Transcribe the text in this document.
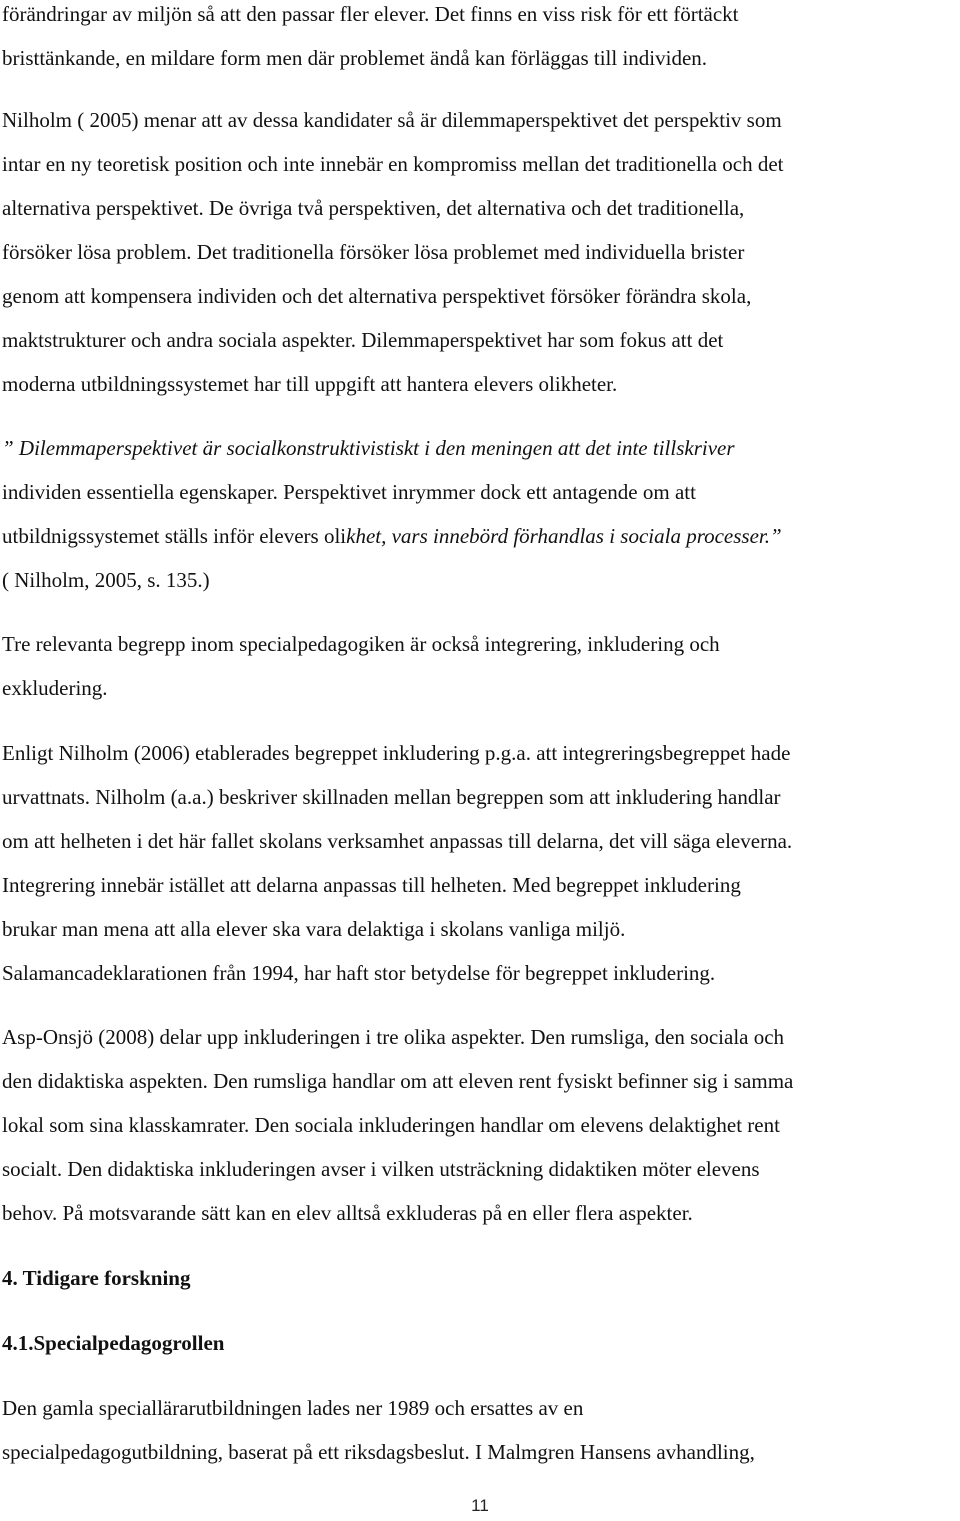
förändringar av miljön så att den passar fler elever. Det finns en viss risk för ett förtäckt
bristtänkande, en mildare form men där problemet ändå kan förläggas till individen.

Nilholm ( 2005) menar att av dessa kandidater så är dilemmaperspektivet det perspektiv som
intar en ny teoretisk position och inte innebär en kompromiss mellan det traditionella och det
alternativa perspektivet. De övriga två perspektiven, det alternativa och det traditionella,
försöker lösa problem. Det traditionella försöker lösa problemet med individuella brister
genom att kompensera individen och det alternativa perspektivet försöker förändra skola,
maktstrukturer och andra sociala aspekter. Dilemmaperspektivet har som fokus att det
moderna utbildningssystemet har till uppgift att hantera elevers olikheter.

” Dilemmaperspektivet är socialkonstruktivistiskt i den meningen att det inte tillskriver
individen essentiella egenskaper. Perspektivet inrymmer dock ett antagende om att
utbildnigssystemet ställs inför elevers olikhet, vars innebörd förhandlas i sociala processer.”
( Nilholm, 2005, s. 135.)

Tre relevanta begrepp inom specialpedagogiken är också integrering, inkludering och
exkludering.

Enligt Nilholm (2006) etablerades begreppet inkludering p.g.a. att integreringsbegreppet hade
urvattnats. Nilholm (a.a.) beskriver skillnaden mellan begreppen som att inkludering handlar
om att helheten i det här fallet skolans verksamhet anpassas till delarna, det vill säga eleverna.
Integrering innebär istället att delarna anpassas till helheten. Med begreppet inkludering
brukar man mena att alla elever ska vara delaktiga i skolans vanliga miljö.
Salamancadeklarationen från 1994, har haft stor betydelse för begreppet inkludering.

Asp-Onsjö (2008) delar upp inkluderingen i tre olika aspekter. Den rumsliga, den sociala och
den didaktiska aspekten. Den rumsliga handlar om att eleven rent fysiskt befinner sig i samma
lokal som sina klasskamrater. Den sociala inkluderingen handlar om elevens delaktighet rent
socialt. Den didaktiska inkluderingen avser i vilken utsträckning didaktiken möter elevens
behov. På motsvarande sätt kan en elev alltså exkluderas på en eller flera aspekter.

4. Tidigare forskning
4.1.Specialpedagogrollen

Den gamla speciallärarutbildningen lades ner 1989 och ersattes av en
specialpedagogutbildning, baserat på ett riksdagsbeslut. I Malmgren Hansens avhandling,

11
